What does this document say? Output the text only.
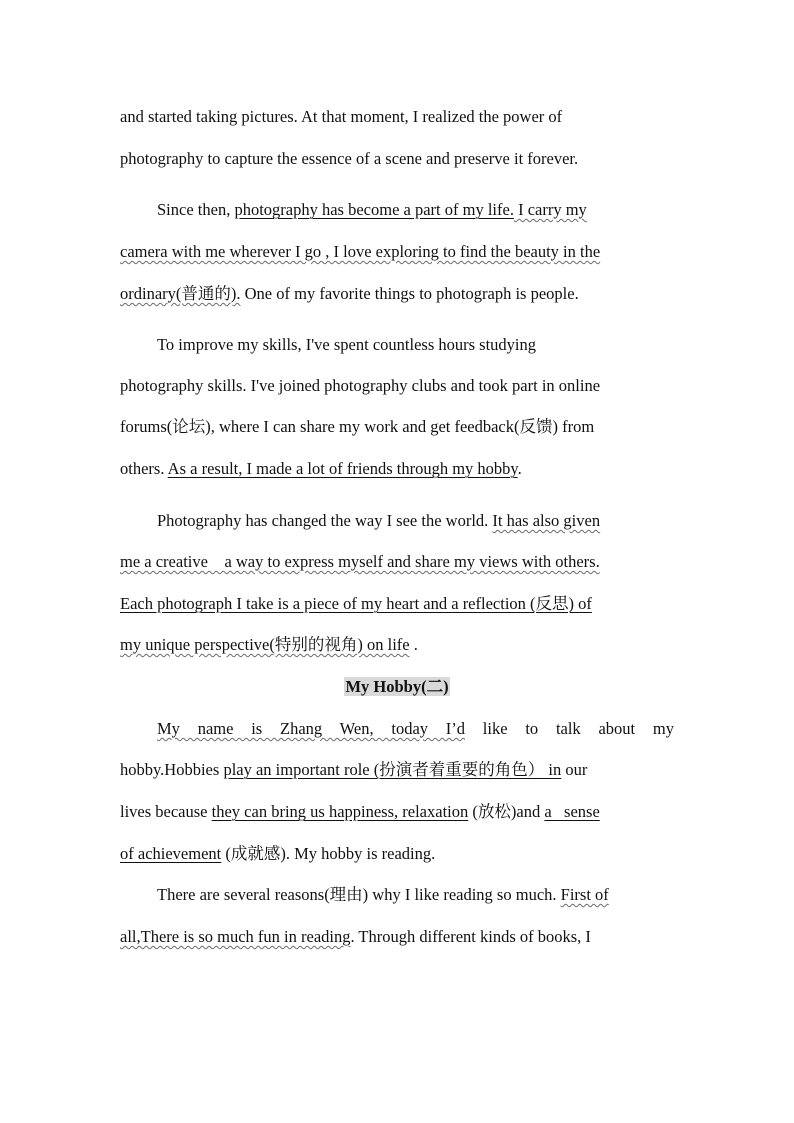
and started taking pictures. At that moment, I realized the power of
photography to capture the essence of a scene and preserve it forever.
Since then, photography has become a part of my life. I carry my
camera with me wherever I go , I love exploring to find the beauty in the
ordinary(普通的). One of my favorite things to photograph is people.
To improve my skills, I've spent countless hours studying
photography skills. I've joined photography clubs and took part in online
forums(论坛), where I can share my work and get feedback(反馈) from
others. As a result, I made a lot of friends through my hobby.
Photography has changed the way I see the world. It has also given
me a creative    a way to express myself and share my views with others.
Each photograph I take is a piece of my heart and a reflection (反思) of
my unique perspective(特别的视角) on life .
My Hobby(二)
My name is Zhang Wen, today I’d like to talk about my
hobby.Hobbies play an important role (扮演者着重要的角色） in our
lives because they can bring us happiness, relaxation (放松)and a   sense
of achievement (成就感). My hobby is reading.
There are several reasons(理由) why I like reading so much. First of
all,There is so much fun in reading. Through different kinds of books, I
